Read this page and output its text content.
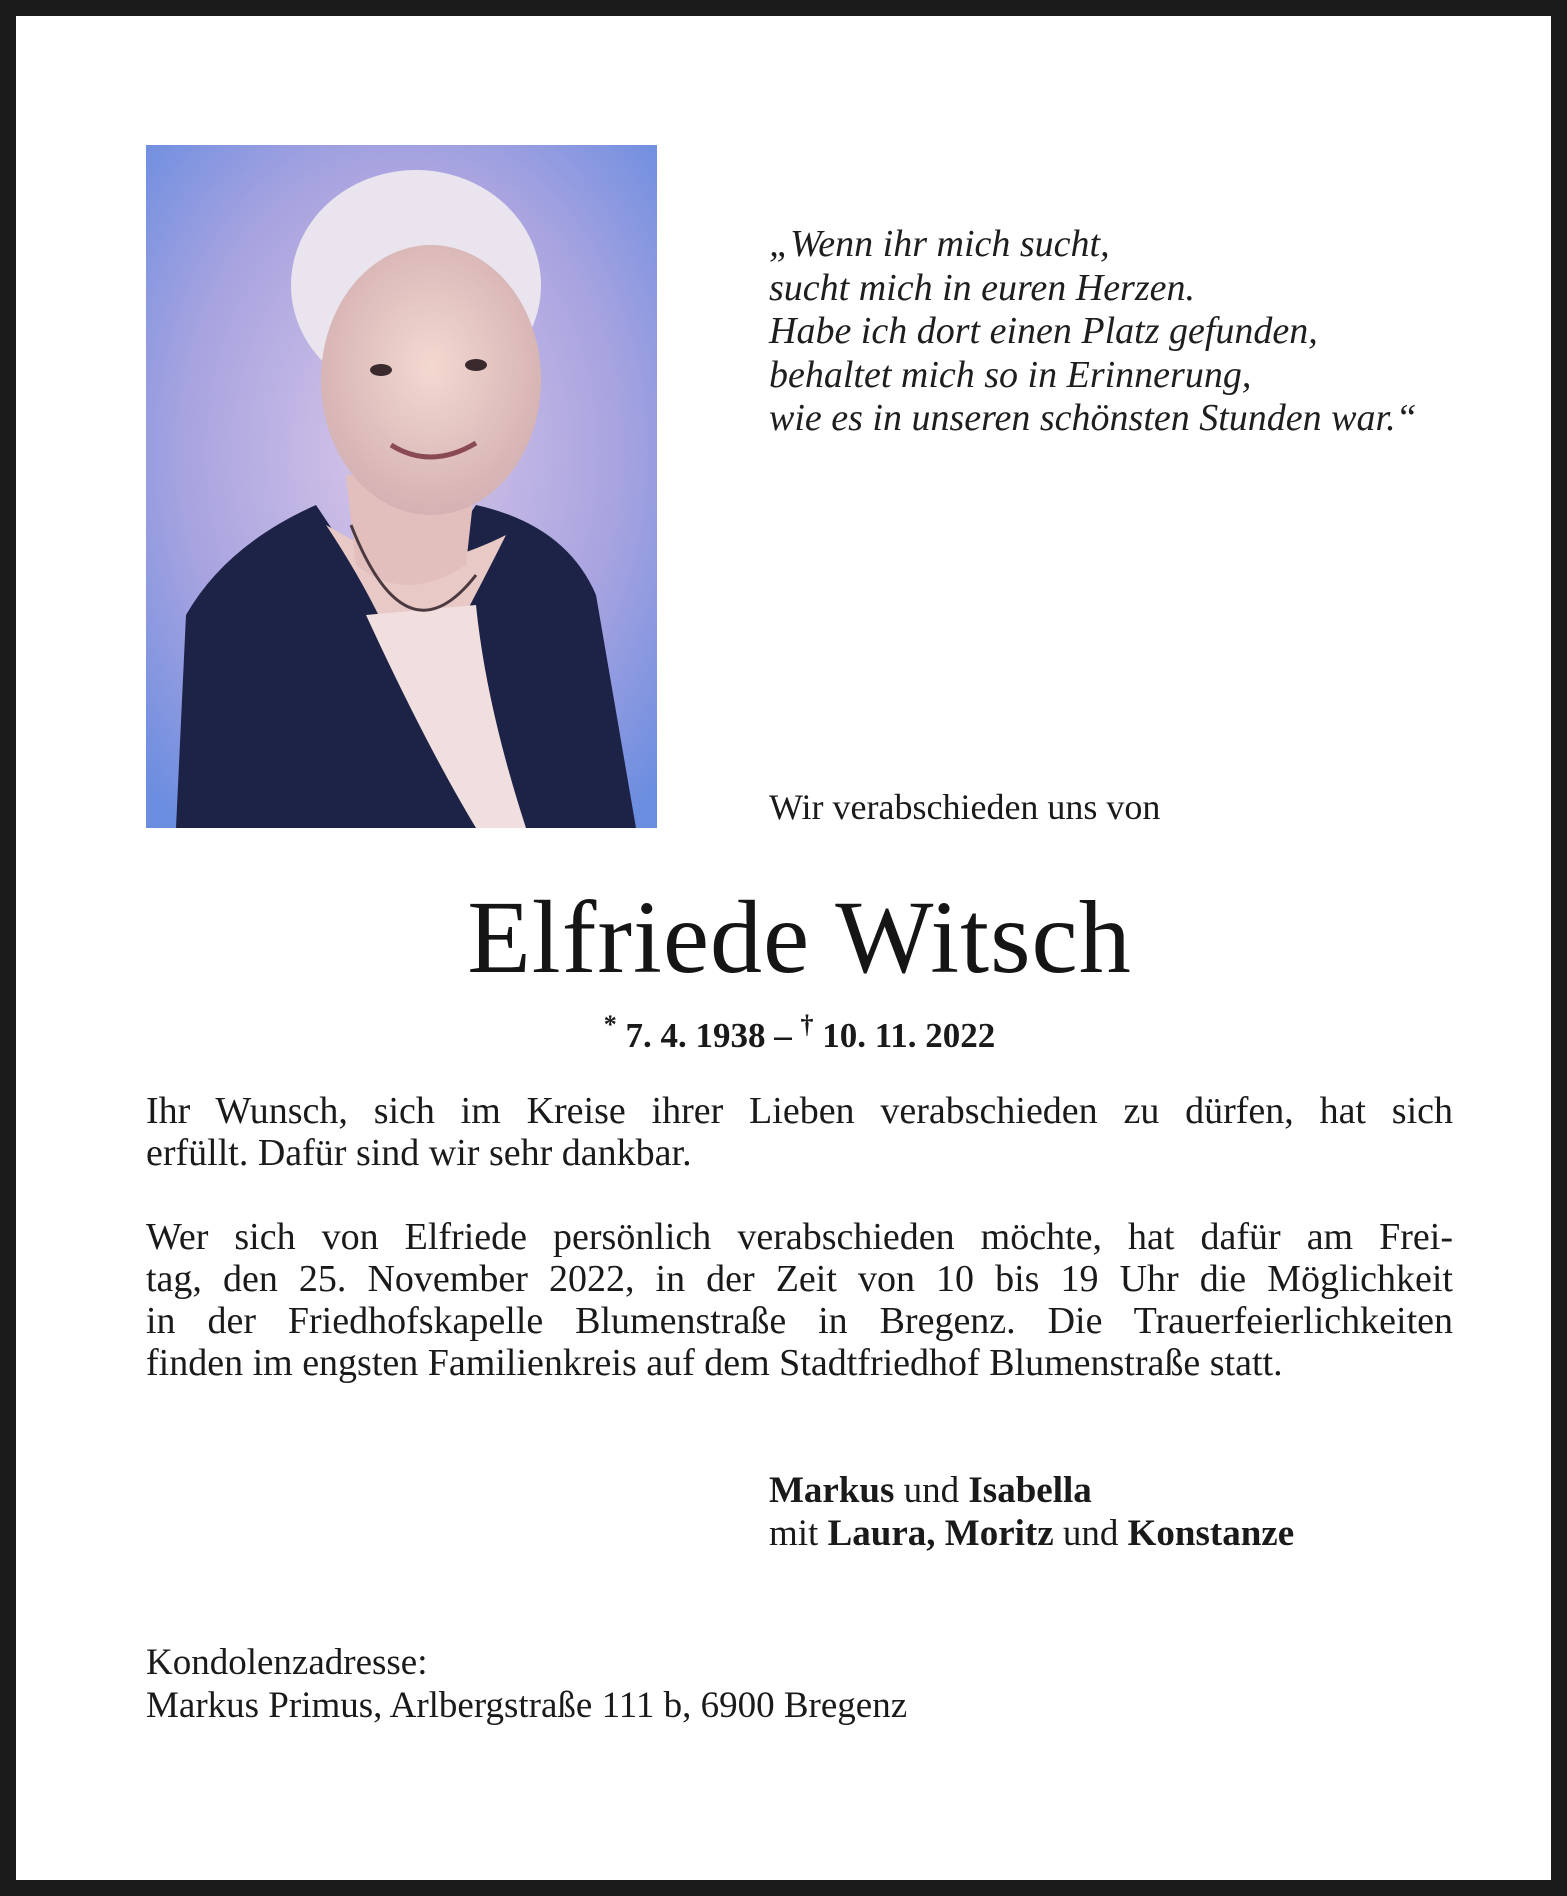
„Wenn ihr mich sucht,
sucht mich in euren Herzen.
Habe ich dort einen Platz gefunden,
behaltet mich so in Erinnerung,
wie es in unseren schönsten Stunden war.“
Wir verabschieden uns von
Elfriede Witsch
* 7. 4. 1938 – † 10. 11. 2022
Ihr Wunsch, sich im Kreise ihrer Lieben verabschieden zu dürfen, hat sich
erfüllt. Dafür sind wir sehr dankbar.
Wer sich von Elfriede persönlich verabschieden möchte, hat dafür am Frei-
tag, den 25. November 2022, in der Zeit von 10 bis 19 Uhr die Möglichkeit
in der Friedhofskapelle Blumenstraße in Bregenz. Die Trauerfeierlichkeiten
finden im engsten Familienkreis auf dem Stadtfriedhof Blumenstraße statt.
Markus und Isabella
mit Laura, Moritz und Konstanze
Kondolenzadresse:
Markus Primus, Arlbergstraße 111 b, 6900 Bregenz
